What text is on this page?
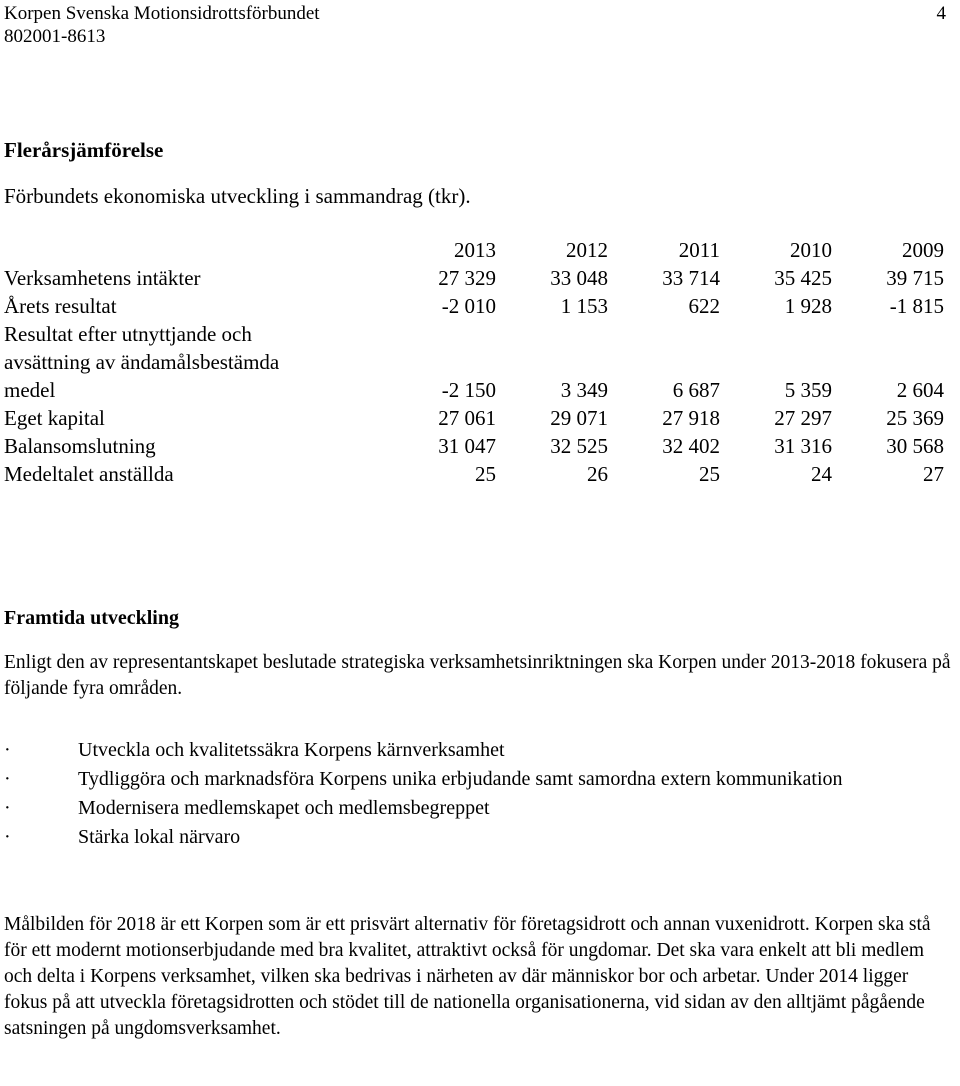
Korpen Svenska Motionsidrottsförbundet
802001-8613
4
Flerårsjämförelse
Förbundets ekonomiska utveckling i sammandrag (tkr).
	2013	2012	2011	2010	2009
Verksamhetens intäkter	27 329	33 048	33 714	35 425	39 715
Årets resultat	-2 010	1 153	622	1 928	-1 815

Resultat efter utnyttjande och
avsättning av ändamålsbestämda
medel	-2 150	3 349	6 687	5 359	2 604
Eget kapital	27 061	29 071	27 918	27 297	25 369
Balansomslutning	31 047	32 525	32 402	31 316	30 568
Medeltalet anställda	25	26	25	24	27
Framtida utveckling
Enligt den av representantskapet beslutade strategiska verksamhetsinriktningen ska Korpen under 2013-2018 fokusera på följande fyra områden.
·	Utveckla och kvalitetssäkra Korpens kärnverksamhet
·	Tydliggöra och marknadsföra Korpens unika erbjudande samt samordna extern kommunikation
·	Modernisera medlemskapet och medlemsbegreppet
·	Stärka lokal närvaro
Målbilden för 2018 är ett Korpen som är ett prisvärt alternativ för företagsidrott och annan vuxenidrott. Korpen ska stå för ett modernt motionserbjudande med bra kvalitet, attraktivt också för ungdomar. Det ska vara enkelt att bli medlem och delta i Korpens verksamhet, vilken ska bedrivas i närheten av där människor bor och arbetar. Under 2014 ligger fokus på att utveckla företagsidrotten och stödet till de nationella organisationerna, vid sidan av den alltjämt pågående satsningen på ungdomsverksamhet.
